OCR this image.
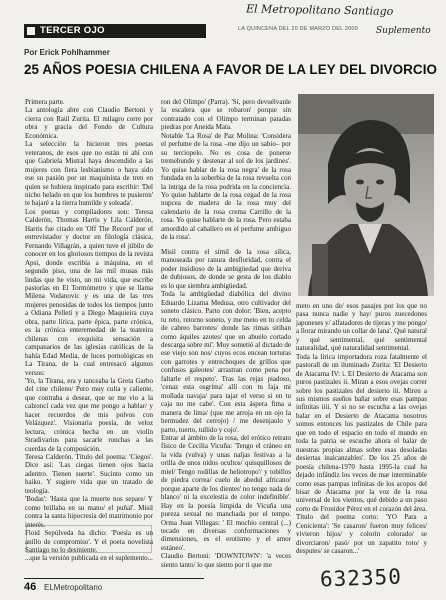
TERCER OJO
El Metropolitano Santiago
LA QUINCENA DEL 20 DE MARZO DEL 2000 Suplemento
Por Erick Pohlhammer
25 AÑOS POESIA CHILENA A FAVOR DE LA LEY DEL DIVORCIO

Primera parte.

La antología abre con Claudio Bertoni y cierra con Raúl Zurita. El milagro corre por obra y gracia del Fondo de Cultura Económica.

La selección la hicieron tres poetas veteranos, de esos que no están ni ahí con que Gabriela Mistral haya descendido a las mujeres con fiera lesbianismo o haya sido ese su pasión por un maquinista de tren en quien se hubiera inspirado para escribir: 'Del nicho helado en que los hombres te pusieron' te bajaré a la tierra humilde y soleada'.

Los poetas y compiladores son: Teresa Calderón, Thomas Harris y Lila Calderón, Harris fue citado en 'Off The Record' por el entrevistador y doctor en filología clásica, Fernando Villagrán, a quien tuve el júbilo de conocer en los gloriosos tiempos de la revista Apsi, donde escribía a máquina, en el segundo piso, una de las mil musas más lindas que he visto, un mi vida, que escribe pastorías en El Tormómetro y que se llama Milena Vodanovic y es una de las tres mujeres penosidas de todos los tiempos junto a Odiana Pelletí y a Diego Maquieira cuya obra, parte lírica, parte épica, parte crónica, es la crónica enteremedad de la teatreira chilenas con exquisita sensación a campanarios de las iglesias católicas de la bahía Edad Media, de luces pornológicas en La Tirana, de la cual entresacó algunos versos:

'Yo, la Tirana, era y tanceaba la Greta Garbo del cine chileno/ Pero muy culta y caliente, que contraba a desear, que se me vio a la calzoncí cada vez que me pongo a hablar/ y hacer recuerdos de mis polvos con Velázquez'. Visionaria poesía, de veloz lectura, crónica hecha en un violín Stradivarius para sacarle ronchas a las cuerdas de la composición.

Teresa Calderón. Título del poema: 'Ciegos'. Dice así: 'Las ciegas tienen ojos hacia adentro. Tienen suerte'. Sucinto como un haiku. Y sugiere vida que un tratado de teología.

'Bodas': 'Hasta que la muerte nos separe/ Y como brillaba en su mano/ el puñal'. Misil contra la santa hipocresía del matrimonio por interés.

Floid Sepúlveda ha dicho: 'Poesía es un anillo de compromiso'. Y el poeta novelista Santiago no lo desmiente.

...que la versión publicada en el suplemento...

ron del Olimpo' (Parra). 'Sí, pero devuélvanle la escalera que se robaron' porque sin contratado con el Olimpo terminan patadas piedras por Aneida Mata.

Notable 'La Rosa' de Paz Molina: 'Considera el perfume de la rosa –me dijo un sabio– por su terciopelo. No es cosa de ponerse tremebundo y destenar al sol de los jardines'. Yo quise hablar de la rosa negra' de la rosa fundada en la soberbia de la rosa revuelta con la intriga de la rosa podrida en la conciencia. Yo quise hablarte de la rosa cegad de la rosa nupcea de madera de la rosa muy del calendario de la rosa crema Carrillo de la rosa. Yo quise hablarte de la rosa. Pero estaba amordido al caballero en el perfume ambiguo de la rosa'.

Misil contra el símil de la rosa sílica, manoseada por ranura desfloridad, contra el poder insidioso de la ambigüedad que deriva de dubiosos, de donde se gesta de los diablo es lo que siembra ambigüedad.

Toda la ambigüedad diabólica del divino Eduardo Lizama Medusa, otro cultivador del soneto clásico. Parto con dolor: 'Bien, acepto tu reto, retorno soneto, y me meto en tu celda de cabreo barrotes/ donde las rimas sitiban como áquiles azotes/ que un abuelo cortado descarga sobre mí'. Muy sometió al dictado de ese viejo son nos/ cuyos ecos encean torturas con garrotes y entrechoques de grillos que confusos galeotes/ arrastran como pena por faltarle el respeto'. Tras las rejas piadoso, 'cenaz esta osgrima' allí con tu faja mi mollada navaja/ para tajar el verso si en tu caja no me cabe'. Con esta áspera fima a manera de lima/ (que me arroja en un ojo la hermudez del cerrojo) / me desenjaulo y parto, tuerto, tullido y cojo'.

Entrar al ámbito de la rosa, del erótico retrato físico de Cecilia Vicuña: 'Tengo el cráneo en la vida (vulva) y unas naljas festivas a la orilla de unos nidos ocultos/ quisquillosos de miel/ Tengo rodillas de heliotropo'/ y tobillos de piedra correa/ cuelo de abedul africano/ porque aparte de los dientes' no tengo nada de blanco' ni la excelestia de color indefinible'. Hay en la poesía limpida de Vicuña una pureza sexual no manchada por el tempo. Orma Juan Villegas: ' El mochio central (...) tecado en diversas conformaciones y dimensiones, es el erotismo y el amor estáneo'.

Claudio Bertoni: 'DOWNTOWN': 'a veces siento tanto/ lo que siento por ti que me

meto en uno de/ esos pasajes por los que no pasa nunca nadie y hay/ puros zuecedones japoneses y/ alfatadores de tijeras y me pongo/ a llorar mirando un collar de lana'. Qué natural y qué sentimental, qué sentimental naturalidad, qué naturalidad sentimental.

Toda la lírica importadora roza fatalmente el pastorall de un iluminado Zurita: 'El Desierto de Atacama IV: i. El Desierto de Atacama son puros pastizales ii. Miran a esos ovejas correr sobre los pastizales del desierto iii. Miren a sus mismos sueños bañar sobre esas pampas infinitas iiii. Y si no se escucha a las ovejas balar en el Desierto de Atacama nosotros somos entonces los pastizales de Chile para que en todo el espacio en todo el mundo en toda la patria se escuche ahora el balar de nuestras propias almas sobre esas desoladas desiertas inalcanzables'. De los 25 años de poesía chilena-1970 hasta 1995-la cual ha dejado infándiz los veces de mar interminable como esas pampas infinitas de los acopos del bisar de Atacama por la voz de la rosa universal de los vientos, qué debido a un paso corto de Fronidor Pérez en el corazón del área. Título del poema corto: 'YO Para a Cenicienta': 'Se casaron/ fueron muy felices/ vivieron hijos/ y colorín colorado/ se divorciaron/ pasó/ por un zapatito roto/ y desputes/ se casaron...'

46 ELMetropolitano	632350
